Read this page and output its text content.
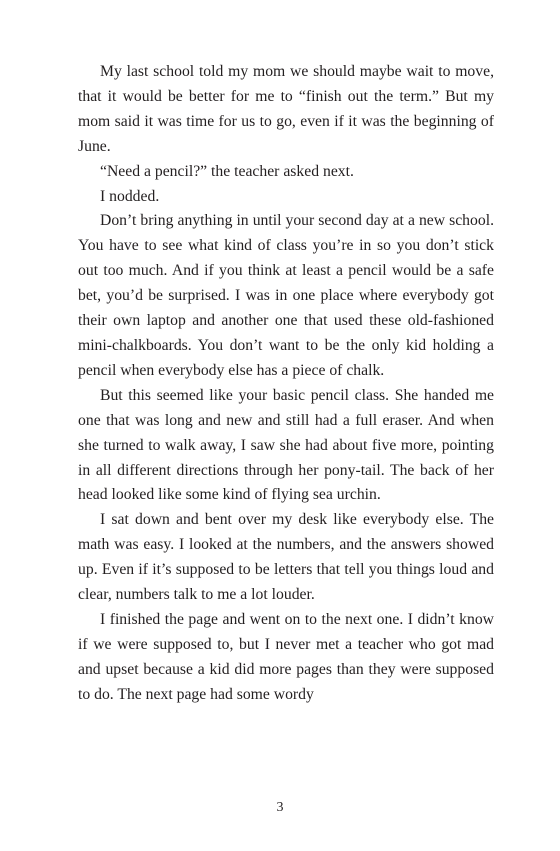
My last school told my mom we should maybe wait to move, that it would be better for me to “finish out the term.” But my mom said it was time for us to go, even if it was the beginning of June.

“Need a pencil?” the teacher asked next.

I nodded.

Don’t bring anything in until your second day at a new school. You have to see what kind of class you’re in so you don’t stick out too much. And if you think at least a pencil would be a safe bet, you’d be surprised. I was in one place where everybody got their own laptop and another one that used these old-fashioned mini-chalkboards. You don’t want to be the only kid holding a pencil when everybody else has a piece of chalk.

But this seemed like your basic pencil class. She handed me one that was long and new and still had a full eraser. And when she turned to walk away, I saw she had about five more, pointing in all different directions through her pony-tail. The back of her head looked like some kind of flying sea urchin.

I sat down and bent over my desk like everybody else. The math was easy. I looked at the numbers, and the answers showed up. Even if it’s supposed to be letters that tell you things loud and clear, numbers talk to me a lot louder.

I finished the page and went on to the next one. I didn’t know if we were supposed to, but I never met a teacher who got mad and upset because a kid did more pages than they were supposed to do. The next page had some wordy

3
